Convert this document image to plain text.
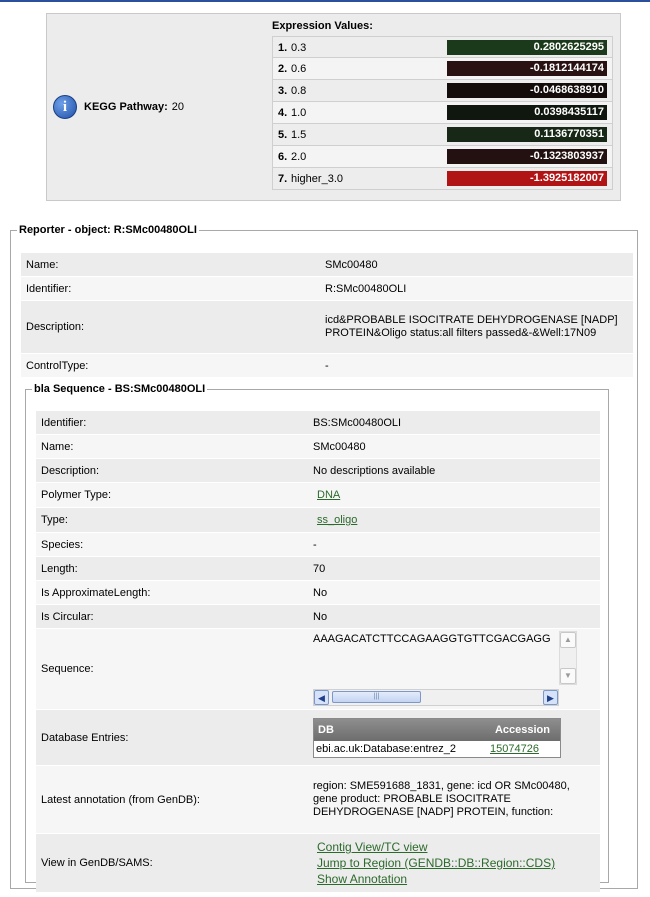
i	KEGG Pathway: 20
Expression Values:
1. 0.3	0.2802625295
2. 0.6	-0.1812144174
3. 0.8	-0.0468638910
4. 1.0	0.0398435117
5. 1.5	0.1136770351
6. 2.0	-0.1323803937
7. higher_3.0	-1.3925182007
Reporter - object: R:SMc00480OLI
Name:	SMc00480
Identifier:	R:SMc00480OLI
Description:
icd&PROBABLE ISOCITRATE DEHYDROGENASE [NADP] PROTEIN&Oligo status:all filters passed&-&Well:17N09
ControlType:	-
bla Sequence - BS:SMc00480OLI
Identifier:	BS:SMc00480OLI
Name:	SMc00480
Description:	No descriptions available
Polymer Type:	DNA
Type:	ss_oligo
Species:	-
Length:	70
Is ApproximateLength:	No
Is Circular:	No
Sequence:
AAAGACATCTTCCAGAAGGTGTTCGACGAGG	▲
▼
◀	|||	▶
Database Entries:
DB	Accession
ebi.ac.uk:Database:entrez_2	15074726
Latest annotation (from GenDB):
region: SME591688_1831, gene: icd OR SMc00480, gene product: PROBABLE ISOCITRATE DEHYDROGENASE [NADP] PROTEIN, function:
View in GenDB/SAMS:
Contig View/TC view
Jump to Region (GENDB::DB::Region::CDS)
Show Annotation
